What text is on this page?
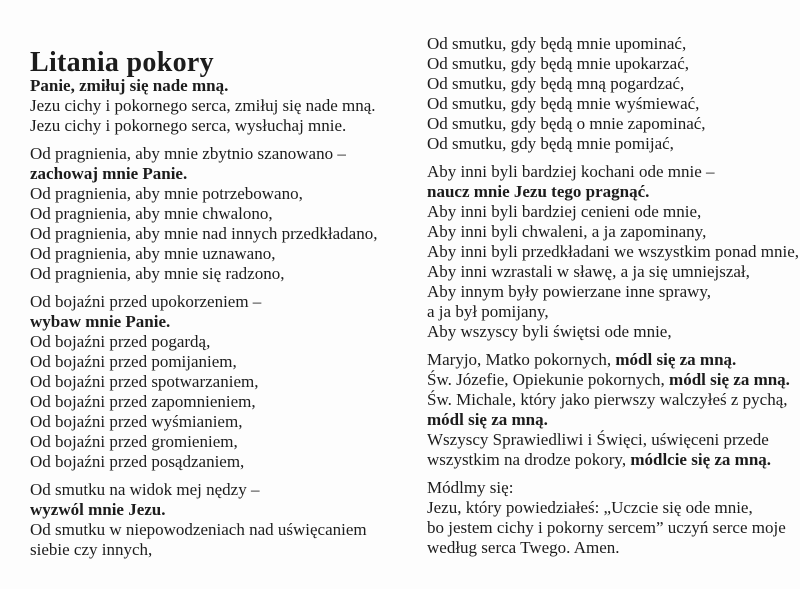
Litania pokory
Panie, zmiłuj się nade mną.
Jezu cichy i pokornego serca, zmiłuj się nade mną.
Jezu cichy i pokornego serca, wysłuchaj mnie.
Od pragnienia, aby mnie zbytnio szanowano –
zachowaj mnie Panie.
Od pragnienia, aby mnie potrzebowano,
Od pragnienia, aby mnie chwalono,
Od pragnienia, aby mnie nad innych przedkładano,
Od pragnienia, aby mnie uznawano,
Od pragnienia, aby mnie się radzono,
Od bojaźni przed upokorzeniem –
wybaw mnie Panie.
Od bojaźni przed pogardą,
Od bojaźni przed pomijaniem,
Od bojaźni przed spotwarzaniem,
Od bojaźni przed zapomnieniem,
Od bojaźni przed wyśmianiem,
Od bojaźni przed gromieniem,
Od bojaźni przed posądzaniem,
Od smutku na widok mej nędzy –
wyzwól mnie Jezu.
Od smutku w niepowodzeniach nad uświęcaniem
siebie czy innych,
Od smutku, gdy będą mnie upominać,
Od smutku, gdy będą mnie upokarzać,
Od smutku, gdy będą mną pogardzać,
Od smutku, gdy będą mnie wyśmiewać,
Od smutku, gdy będą o mnie zapominać,
Od smutku, gdy będą mnie pomijać,
Aby inni byli bardziej kochani ode mnie –
naucz mnie Jezu tego pragnąć.
Aby inni byli bardziej cenieni ode mnie,
Aby inni byli chwaleni, a ja zapominany,
Aby inni byli przedkładani we wszystkim ponad mnie,
Aby inni wzrastali w sławę, a ja się umniejszał,
Aby innym były powierzane inne sprawy,
a ja był pomijany,
Aby wszyscy byli świętsi ode mnie,
Maryjo, Matko pokornych, módl się za mną.
Św. Józefie, Opiekunie pokornych, módl się za mną.
Św. Michale, który jako pierwszy walczyłeś z pychą,
módl się za mną.
Wszyscy Sprawiedliwi i Święci, uświęceni przede
wszystkim na drodze pokory, módlcie się za mną.
Módlmy się:
Jezu, który powiedziałeś: „Uczcie się ode mnie,
bo jestem cichy i pokorny sercem” uczyń serce moje
według serca Twego. Amen.
